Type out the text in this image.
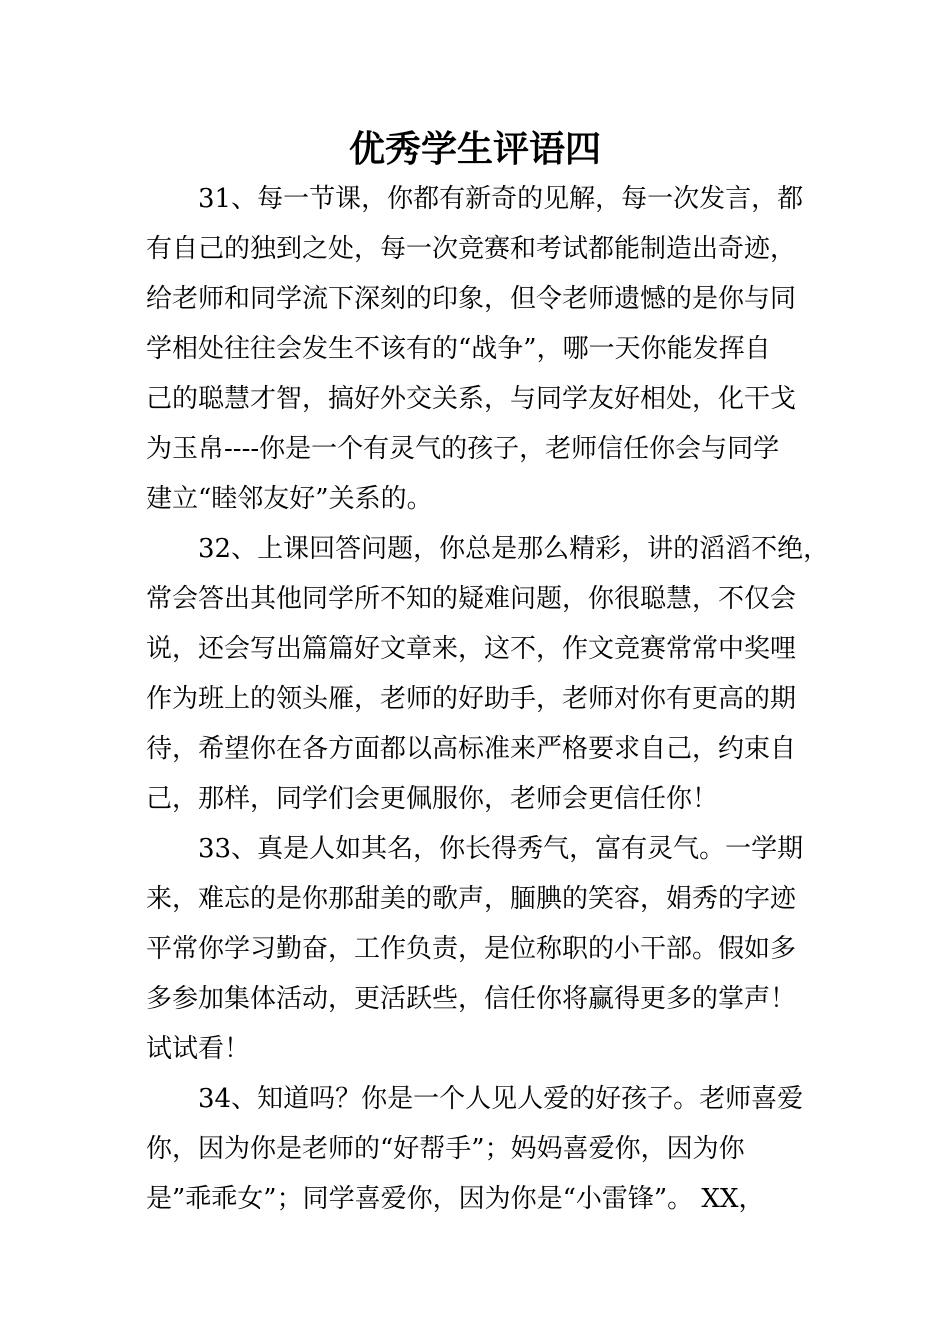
优秀学生评语四

　　31、每一节课，你都有新奇的见解，每一次发言，都

有自己的独到之处，每一次竞赛和考试都能制造出奇迹，

给老师和同学流下深刻的印象，但令老师遗憾的是你与同

学相处往往会发生不该有的“战争”，哪一天你能发挥自

己的聪慧才智，搞好外交关系，与同学友好相处，化干戈

为玉帛----你是一个有灵气的孩子，老师信任你会与同学

建立“睦邻友好”关系的。

　　32、上课回答问题，你总是那么精彩，讲的滔滔不绝，

常会答出其他同学所不知的疑难问题，你很聪慧，不仅会

说，还会写出篇篇好文章来，这不，作文竞赛常常中奖哩

作为班上的领头雁，老师的好助手，老师对你有更高的期

待，希望你在各方面都以高标准来严格要求自己，约束自

己，那样，同学们会更佩服你，老师会更信任你！

　　33、真是人如其名，你长得秀气，富有灵气。一学期

来，难忘的是你那甜美的歌声，腼腆的笑容，娟秀的字迹

平常你学习勤奋，工作负责，是位称职的小干部。假如多

多参加集体活动，更活跃些，信任你将赢得更多的掌声！

试试看！

　　34、知道吗？你是一个人见人爱的好孩子。老师喜爱

你，因为你是老师的“好帮手”；妈妈喜爱你，因为你

是”乖乖女”；同学喜爱你，因为你是“小雷锋”。 XX，
